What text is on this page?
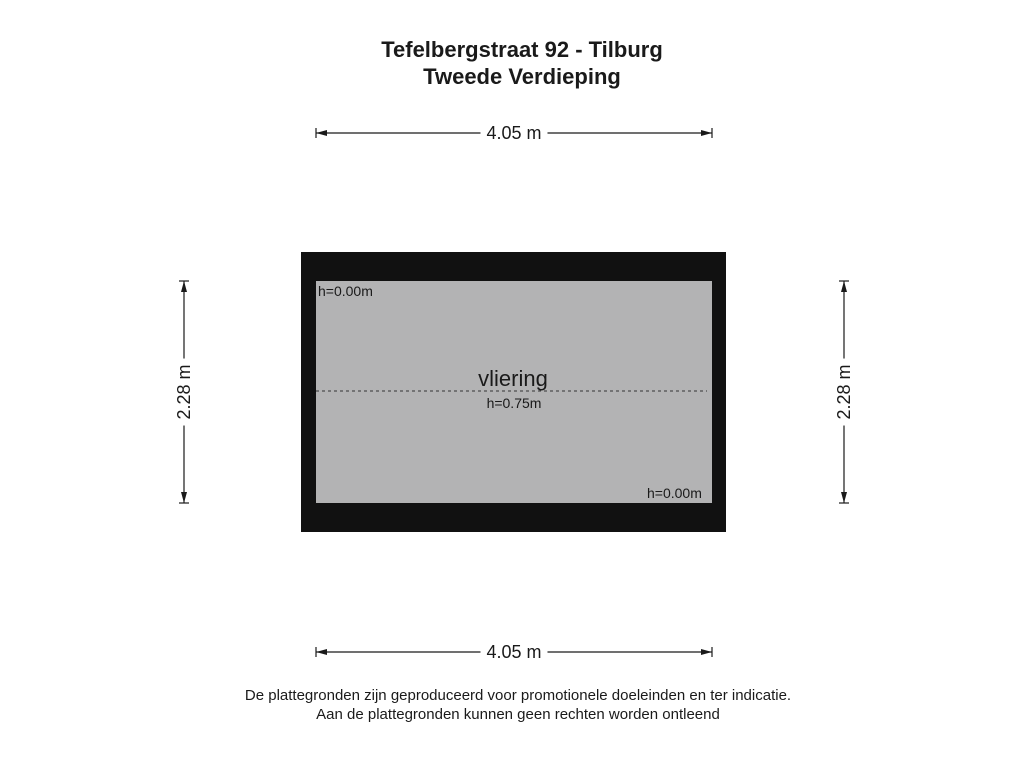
Tefelbergstraat 92 - Tilburg
Tweede Verdieping
4.05 m
4.05 m
2.28 m	2.28 m
h=0.00m
vliering
h=0.75m
h=0.00m
De plattegronden zijn geproduceerd voor promotionele doeleinden en ter indicatie.
Aan de plattegronden kunnen geen rechten worden ontleend
